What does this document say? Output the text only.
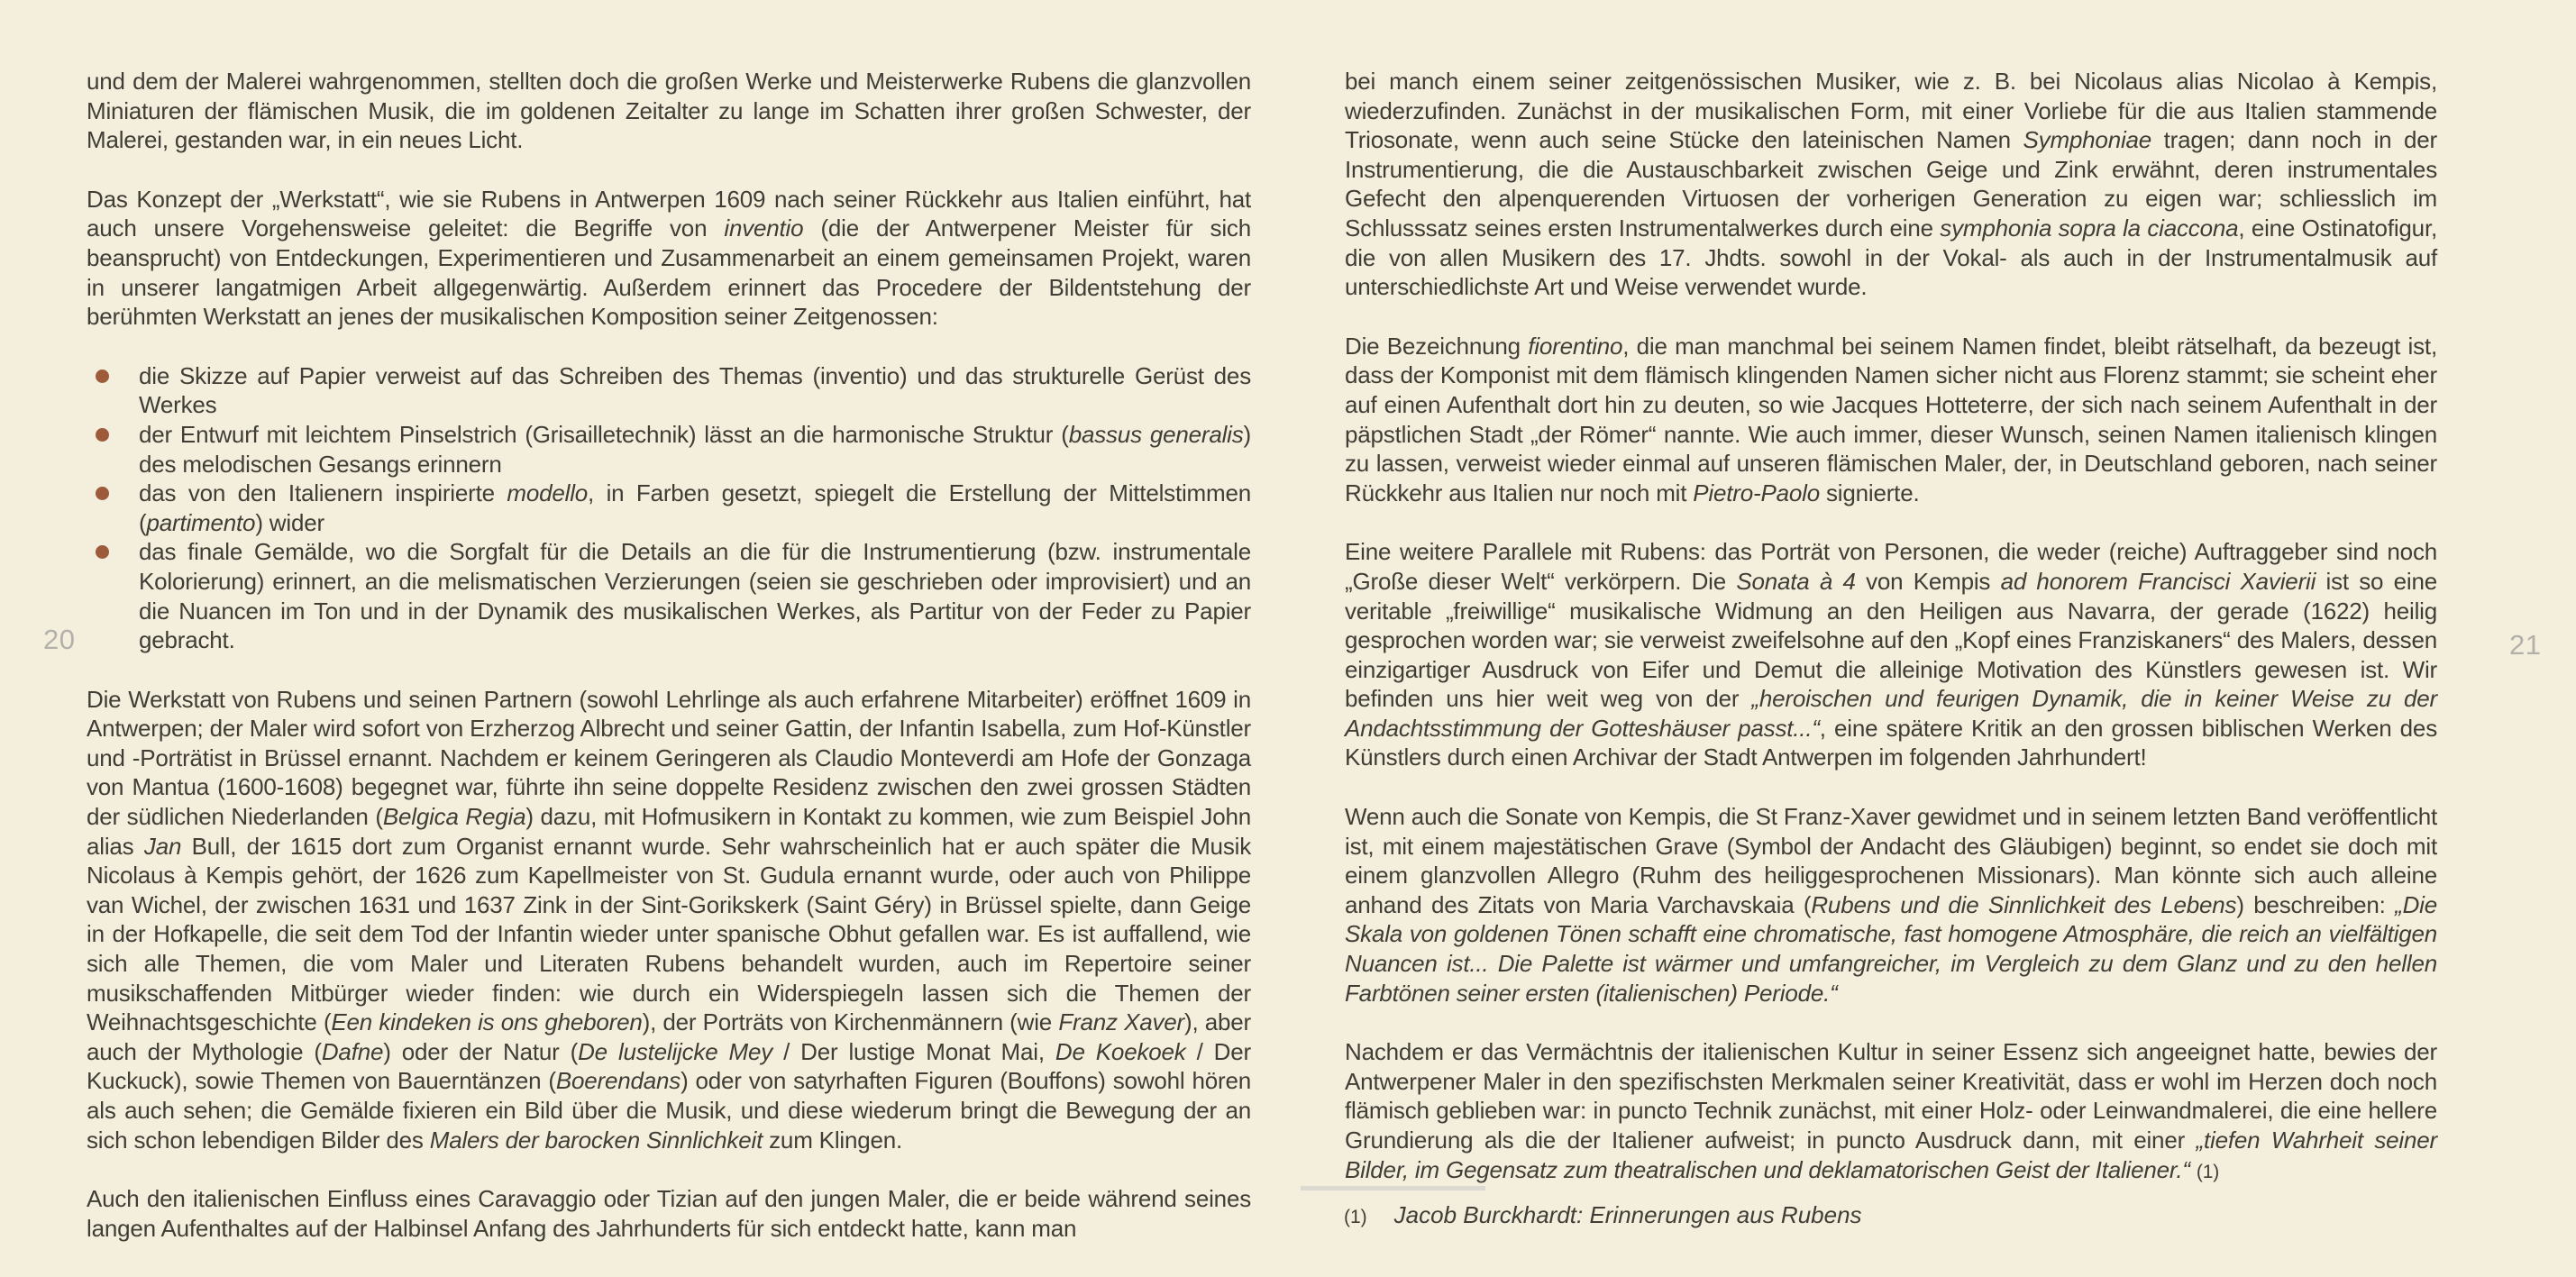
20	21

und dem der Malerei wahrgenommen, stellten doch die großen Werke und Meisterwerke Rubens die glanzvollen Miniaturen der flämischen Musik, die im goldenen Zeitalter zu lange im Schatten ihrer großen Schwester, der Malerei, gestanden war, in ein neues Licht.

Das Konzept der „Werkstatt“, wie sie Rubens in Antwerpen 1609 nach seiner Rückkehr aus Italien einführt, hat auch unsere Vorgehensweise geleitet: die Begriffe von inventio (die der Antwerpener Meister für sich beansprucht) von Entdeckungen, Experimentieren und Zusammenarbeit an einem gemeinsamen Projekt, waren in unserer langatmigen Arbeit allgegenwärtig. Außerdem erinnert das Procedere der Bildentstehung der berühmten Werkstatt an jenes der musikalischen Komposition seiner Zeitgenossen:

die Skizze auf Papier verweist auf das Schreiben des Themas (inventio) und das strukturelle Gerüst des Werkes
der Entwurf mit leichtem Pinselstrich (Grisailletechnik) lässt an die harmonische Struktur (bassus generalis) des melodischen Gesangs erinnern
das von den Italienern inspirierte modello, in Farben gesetzt, spiegelt die Erstellung der Mittelstimmen (partimento) wider
das finale Gemälde, wo die Sorgfalt für die Details an die für die Instrumentierung (bzw. instrumentale Kolorierung) erinnert, an die melismatischen Verzierungen (seien sie geschrieben oder improvisiert) und an die Nuancen im Ton und in der Dynamik des musikalischen Werkes, als Partitur von der Feder zu Papier gebracht.

Die Werkstatt von Rubens und seinen Partnern (sowohl Lehrlinge als auch erfahrene Mitarbeiter) eröffnet 1609 in Antwerpen; der Maler wird sofort von Erzherzog Albrecht und seiner Gattin, der Infantin Isabella, zum Hof-Künstler und -Porträtist in Brüssel ernannt. Nachdem er keinem Geringeren als Claudio Monteverdi am Hofe der Gonzaga von Mantua (1600-1608) begegnet war, führte ihn seine doppelte Residenz zwischen den zwei grossen Städten der südlichen Niederlanden (Belgica Regia) dazu, mit Hofmusikern in Kontakt zu kommen, wie zum Beispiel John alias Jan Bull, der 1615 dort zum Organist ernannt wurde. Sehr wahrscheinlich hat er auch später die Musik Nicolaus à Kempis gehört, der 1626 zum Kapellmeister von St. Gudula ernannt wurde, oder auch von Philippe van Wichel, der zwischen 1631 und 1637 Zink in der Sint-Gorikskerk (Saint Géry) in Brüssel spielte, dann Geige in der Hofkapelle, die seit dem Tod der Infantin wieder unter spanische Obhut gefallen war. Es ist auffallend, wie sich alle Themen, die vom Maler und Literaten Rubens behandelt wurden, auch im Repertoire seiner musikschaffenden Mitbürger wieder finden: wie durch ein Widerspiegeln lassen sich die Themen der Weihnachtsgeschichte (Een kindeken is ons gheboren), der Porträts von Kirchenmännern (wie Franz Xaver), aber auch der Mythologie (Dafne) oder der Natur (De lustelijcke Mey / Der lustige Monat Mai, De Koekoek / Der Kuckuck), sowie Themen von Bauerntänzen (Boerendans) oder von satyrhaften Figuren (Bouffons) sowohl hören als auch sehen; die Gemälde fixieren ein Bild über die Musik, und diese wiederum bringt die Bewegung der an sich schon lebendigen Bilder des Malers der barocken Sinnlichkeit zum Klingen.

Auch den italienischen Einfluss eines Caravaggio oder Tizian auf den jungen Maler, die er beide während seines langen Aufenthaltes auf der Halbinsel Anfang des Jahrhunderts für sich entdeckt hatte, kann man

bei manch einem seiner zeitgenössischen Musiker, wie z. B. bei Nicolaus alias Nicolao à Kempis, wiederzufinden. Zunächst in der musikalischen Form, mit einer Vorliebe für die aus Italien stammende Triosonate, wenn auch seine Stücke den lateinischen Namen Symphoniae tragen; dann noch in der Instrumentierung, die die Austauschbarkeit zwischen Geige und Zink erwähnt, deren instrumentales Gefecht den alpenquerenden Virtuosen der vorherigen Generation zu eigen war; schliesslich im Schlusssatz seines ersten Instrumentalwerkes durch eine symphonia sopra la ciaccona, eine Ostinatofigur, die von allen Musikern des 17. Jhdts. sowohl in der Vokal- als auch in der Instrumentalmusik auf unterschiedlichste Art und Weise verwendet wurde.

Die Bezeichnung fiorentino, die man manchmal bei seinem Namen findet, bleibt rätselhaft, da bezeugt ist, dass der Komponist mit dem flämisch klingenden Namen sicher nicht aus Florenz stammt; sie scheint eher auf einen Aufenthalt dort hin zu deuten, so wie Jacques Hotteterre, der sich nach seinem Aufenthalt in der päpstlichen Stadt „der Römer“ nannte. Wie auch immer, dieser Wunsch, seinen Namen italienisch klingen zu lassen, verweist wieder einmal auf unseren flämischen Maler, der, in Deutschland geboren, nach seiner Rückkehr aus Italien nur noch mit Pietro-Paolo signierte.

Eine weitere Parallele mit Rubens: das Porträt von Personen, die weder (reiche) Auftraggeber sind noch „Große dieser Welt“ verkörpern. Die Sonata à 4 von Kempis ad honorem Francisci Xavierii ist so eine veritable „freiwillige“ musikalische Widmung an den Heiligen aus Navarra, der gerade (1622) heilig gesprochen worden war; sie verweist zweifelsohne auf den „Kopf eines Franziskaners“ des Malers, dessen einzigartiger Ausdruck von Eifer und Demut die alleinige Motivation des Künstlers gewesen ist. Wir befinden uns hier weit weg von der „heroischen und feurigen Dynamik, die in keiner Weise zu der Andachtsstimmung der Gotteshäuser passt...“, eine spätere Kritik an den grossen biblischen Werken des Künstlers durch einen Archivar der Stadt Antwerpen im folgenden Jahrhundert!

Wenn auch die Sonate von Kempis, die St Franz-Xaver gewidmet und in seinem letzten Band veröffentlicht ist, mit einem majestätischen Grave (Symbol der Andacht des Gläubigen) beginnt, so endet sie doch mit einem glanzvollen Allegro (Ruhm des heiliggesprochenen Missionars). Man könnte sich auch alleine anhand des Zitats von Maria Varchavskaia (Rubens und die Sinnlichkeit des Lebens) beschreiben: „Die Skala von goldenen Tönen schafft eine chromatische, fast homogene Atmosphäre, die reich an vielfältigen Nuancen ist... Die Palette ist wärmer und umfangreicher, im Vergleich zu dem Glanz und zu den hellen Farbtönen seiner ersten (italienischen) Periode.“

Nachdem er das Vermächtnis der italienischen Kultur in seiner Essenz sich angeeignet hatte, bewies der Antwerpener Maler in den spezifischsten Merkmalen seiner Kreativität, dass er wohl im Herzen doch noch flämisch geblieben war: in puncto Technik zunächst, mit einer Holz- oder Leinwandmalerei, die eine hellere Grundierung als die der Italiener aufweist; in puncto Ausdruck dann, mit einer „tiefen Wahrheit seiner Bilder, im Gegensatz zum theatralischen und deklamatorischen Geist der Italiener.“ (1)

(1) Jacob Burckhardt: Erinnerungen aus Rubens
